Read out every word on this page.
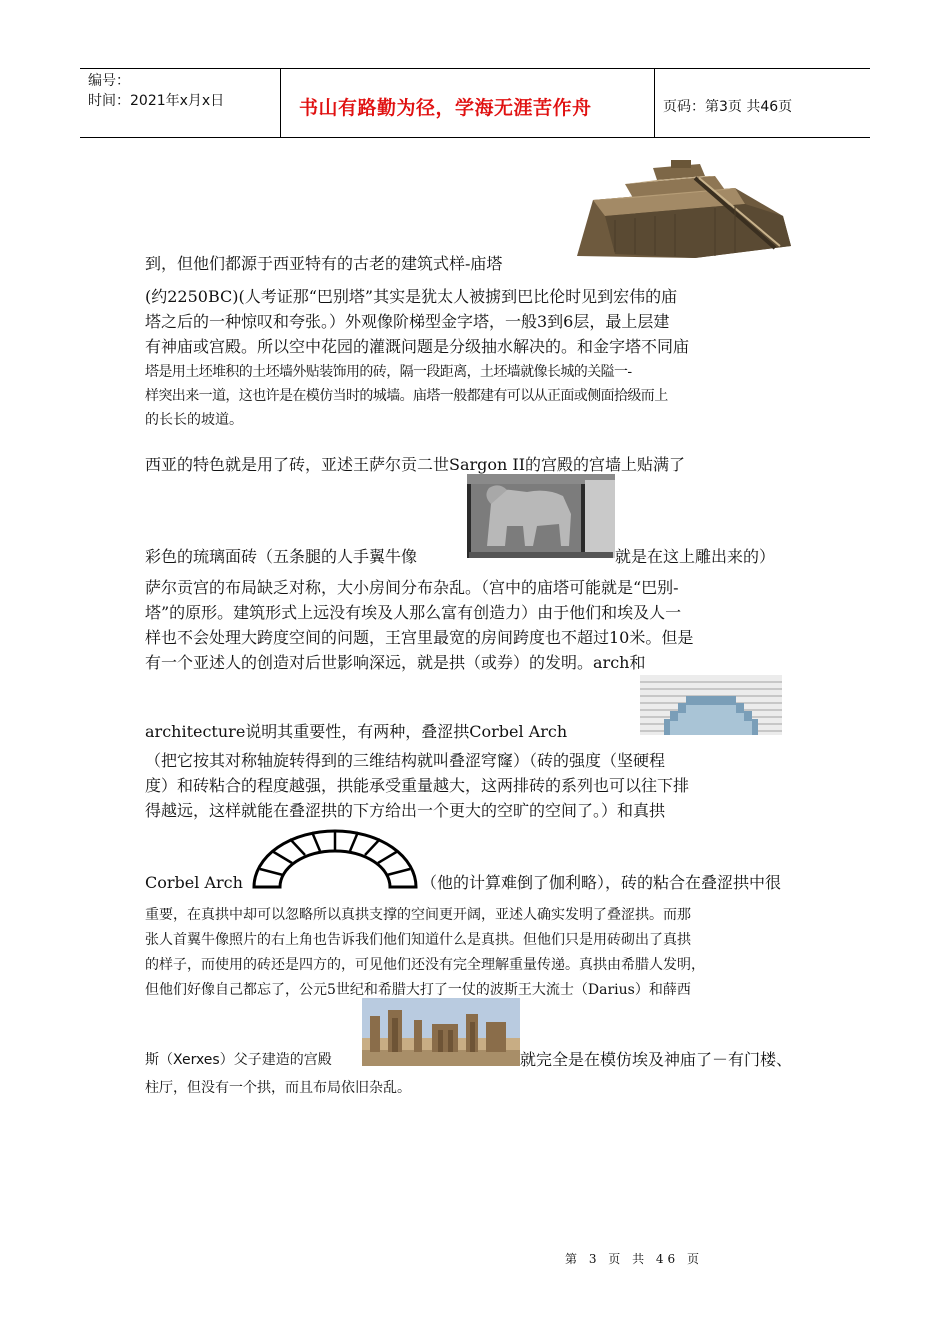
编号：
时间：2021年x月x日	书山有路勤为径，学海无涯苦作舟	页码：第3页 共46页
到，但他们都源于西亚特有的古老的建筑式样-庙塔
(约2250BC)(人考证那“巴别塔”其实是犹太人被掳到巴比伦时见到宏伟的庙
塔之后的一种惊叹和夸张。）外观像阶梯型金字塔，一般3到6层，最上层建
有神庙或宫殿。所以空中花园的灌溉问题是分级抽水解决的。和金字塔不同庙
塔是用土坯堆积的土坯墙外贴装饰用的砖，隔一段距离，土坯墙就像长城的关隘一-
样突出来一道，这也许是在模仿当时的城墙。庙塔一般都建有可以从正面或侧面拾级而上
的长长的坡道。
西亚的特色就是用了砖，亚述王萨尔贡二世Sargon II的宫殿的宫墙上贴满了
彩色的琉璃面砖（五条腿的人手翼牛像	就是在这上雕出来的）
萨尔贡宫的布局缺乏对称，大小房间分布杂乱。（宫中的庙塔可能就是“巴别-
塔”的原形。建筑形式上远没有埃及人那么富有创造力）由于他们和埃及人一
样也不会处理大跨度空间的问题，王宫里最宽的房间跨度也不超过10米。但是
有一个亚述人的创造对后世影响深远，就是拱（或券）的发明。arch和
architecture说明其重要性，有两种，叠涩拱Corbel Arch
（把它按其对称轴旋转得到的三维结构就叫叠涩穹窿）（砖的强度（坚硬程
度）和砖粘合的程度越强，拱能承受重量越大，这两排砖的系列也可以往下排
得越远，这样就能在叠涩拱的下方给出一个更大的空旷的空间了。）和真拱
Corbel Arch	（他的计算难倒了伽利略），砖的粘合在叠涩拱中很
重要，在真拱中却可以忽略所以真拱支撑的空间更开阔，亚述人确实发明了叠涩拱。而那
张人首翼牛像照片的右上角也告诉我们他们知道什么是真拱。但他们只是用砖砌出了真拱
的样子，而使用的砖还是四方的，可见他们还没有完全理解重量传递。真拱由希腊人发明，
但他们好像自己都忘了，公元5世纪和希腊大打了一仗的波斯王大流士（Darius）和薛西
斯（Xerxes）父子建造的宫殿	就完全是在模仿埃及神庙了－有门楼、
柱厅，但没有一个拱，而且布局依旧杂乱。
第 3 页 共 46 页
